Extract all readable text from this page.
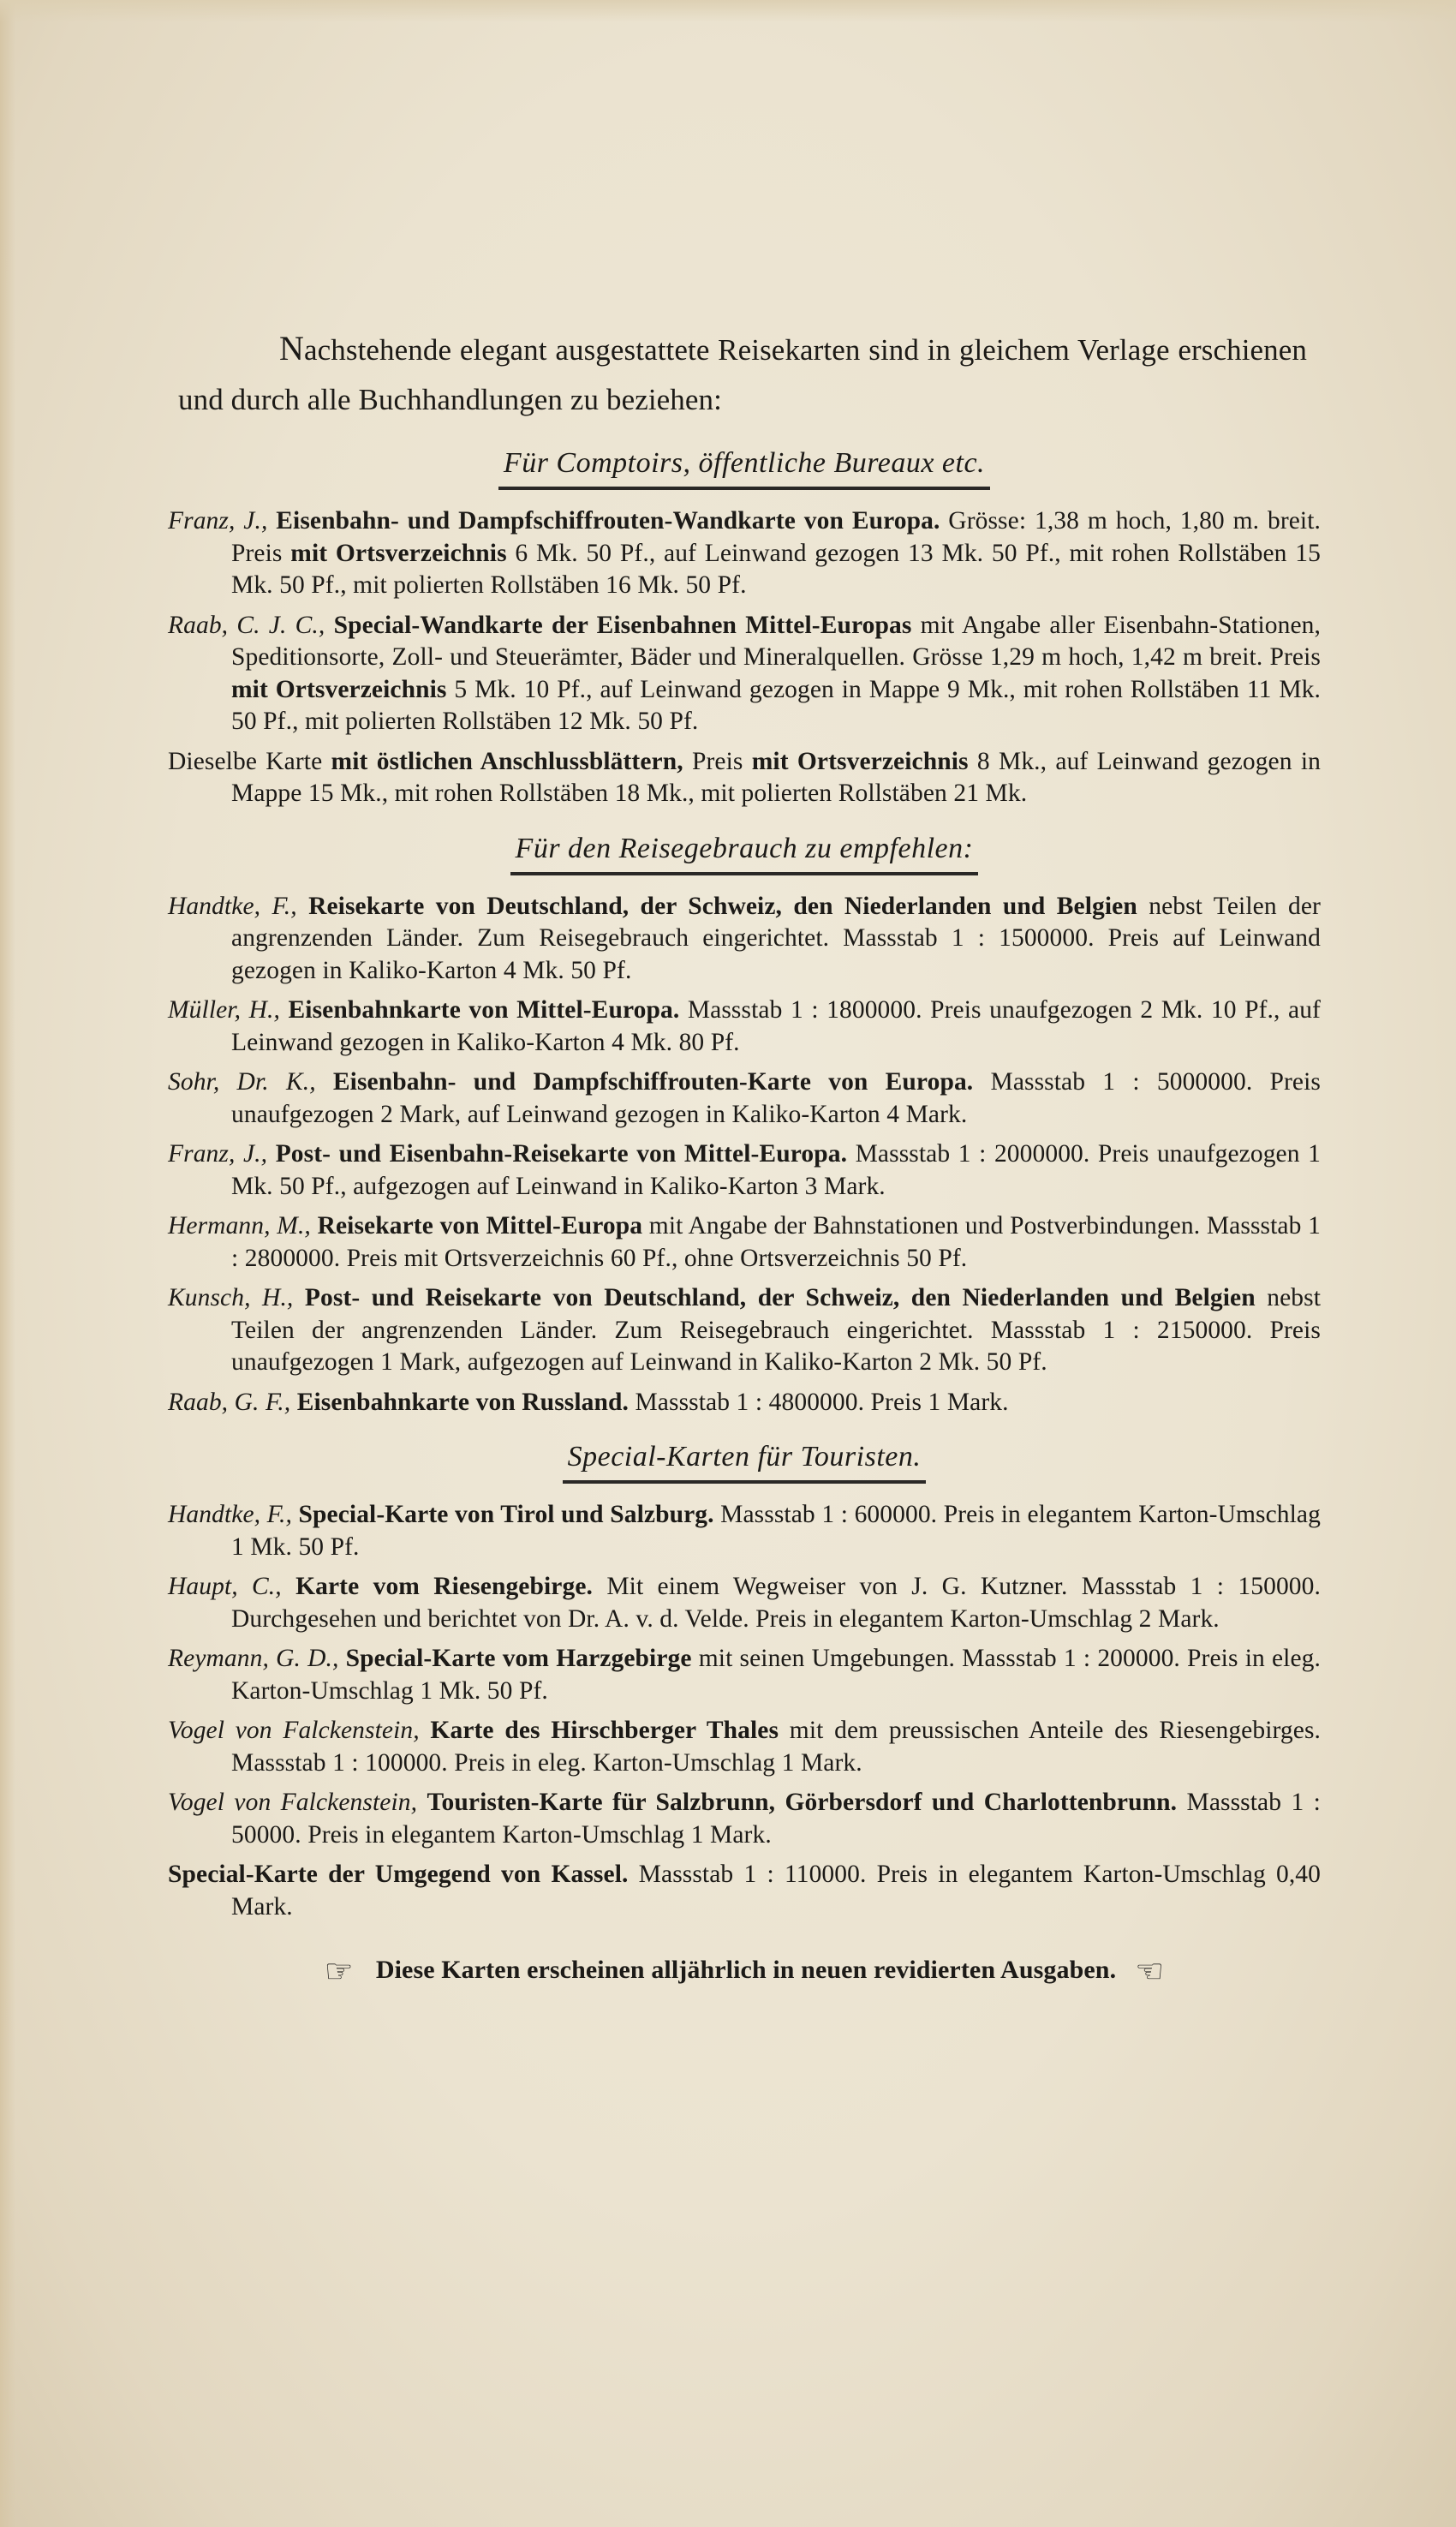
Nachstehende elegant ausgestattete Reisekarten sind in gleichem Verlage erschienen und durch alle Buchhandlungen zu beziehen:

Für Comptoirs, öffentliche Bureaux etc.

Franz, J., Eisenbahn- und Dampfschiffrouten-Wandkarte von Europa. Grösse: 1,38 m hoch, 1,80 m. breit. Preis mit Ortsverzeichnis 6 Mk. 50 Pf., auf Leinwand gezogen 13 Mk. 50 Pf., mit rohen Rollstäben 15 Mk. 50 Pf., mit polierten Rollstäben 16 Mk. 50 Pf.

Raab, C. J. C., Special-Wandkarte der Eisenbahnen Mittel-Europas mit Angabe aller Eisenbahn-Stationen, Speditionsorte, Zoll- und Steuerämter, Bäder und Mineralquellen. Grösse 1,29 m hoch, 1,42 m breit. Preis mit Ortsverzeichnis 5 Mk. 10 Pf., auf Leinwand gezogen in Mappe 9 Mk., mit rohen Rollstäben 11 Mk. 50 Pf., mit polierten Rollstäben 12 Mk. 50 Pf.

Dieselbe Karte mit östlichen Anschlussblättern, Preis mit Ortsverzeichnis 8 Mk., auf Leinwand gezogen in Mappe 15 Mk., mit rohen Rollstäben 18 Mk., mit polierten Rollstäben 21 Mk.

Für den Reisegebrauch zu empfehlen:

Handtke, F., Reisekarte von Deutschland, der Schweiz, den Niederlanden und Belgien nebst Teilen der angrenzenden Länder. Zum Reisegebrauch eingerichtet. Massstab 1 : 1500000. Preis auf Leinwand gezogen in Kaliko-Karton 4 Mk. 50 Pf.

Müller, H., Eisenbahnkarte von Mittel-Europa. Massstab 1 : 1800000. Preis unaufgezogen 2 Mk. 10 Pf., auf Leinwand gezogen in Kaliko-Karton 4 Mk. 80 Pf.

Sohr, Dr. K., Eisenbahn- und Dampfschiffrouten-Karte von Europa. Massstab 1 : 5000000. Preis unaufgezogen 2 Mark, auf Leinwand gezogen in Kaliko-Karton 4 Mark.

Franz, J., Post- und Eisenbahn-Reisekarte von Mittel-Europa. Massstab 1 : 2000000. Preis unaufgezogen 1 Mk. 50 Pf., aufgezogen auf Leinwand in Kaliko-Karton 3 Mark.

Hermann, M., Reisekarte von Mittel-Europa mit Angabe der Bahnstationen und Postverbindungen. Massstab 1 : 2800000. Preis mit Ortsverzeichnis 60 Pf., ohne Ortsverzeichnis 50 Pf.

Kunsch, H., Post- und Reisekarte von Deutschland, der Schweiz, den Niederlanden und Belgien nebst Teilen der angrenzenden Länder. Zum Reisegebrauch eingerichtet. Massstab 1 : 2150000. Preis unaufgezogen 1 Mark, aufgezogen auf Leinwand in Kaliko-Karton 2 Mk. 50 Pf.

Raab, G. F., Eisenbahnkarte von Russland. Massstab 1 : 4800000. Preis 1 Mark.

Special-Karten für Touristen.

Handtke, F., Special-Karte von Tirol und Salzburg. Massstab 1 : 600000. Preis in elegantem Karton-Umschlag 1 Mk. 50 Pf.

Haupt, C., Karte vom Riesengebirge. Mit einem Wegweiser von J. G. Kutzner. Massstab 1 : 150000. Durchgesehen und berichtet von Dr. A. v. d. Velde. Preis in elegantem Karton-Umschlag 2 Mark.

Reymann, G. D., Special-Karte vom Harzgebirge mit seinen Umgebungen. Massstab 1 : 200000. Preis in eleg. Karton-Umschlag 1 Mk. 50 Pf.

Vogel von Falckenstein, Karte des Hirschberger Thales mit dem preussischen Anteile des Riesengebirges. Massstab 1 : 100000. Preis in eleg. Karton-Umschlag 1 Mark.

Vogel von Falckenstein, Touristen-Karte für Salzbrunn, Görbersdorf und Charlottenbrunn. Massstab 1 : 50000. Preis in elegantem Karton-Umschlag 1 Mark.

Special-Karte der Umgegend von Kassel. Massstab 1 : 110000. Preis in elegantem Karton-Umschlag 0,40 Mark.

☞ Diese Karten erscheinen alljährlich in neuen revidierten Ausgaben. ☜
